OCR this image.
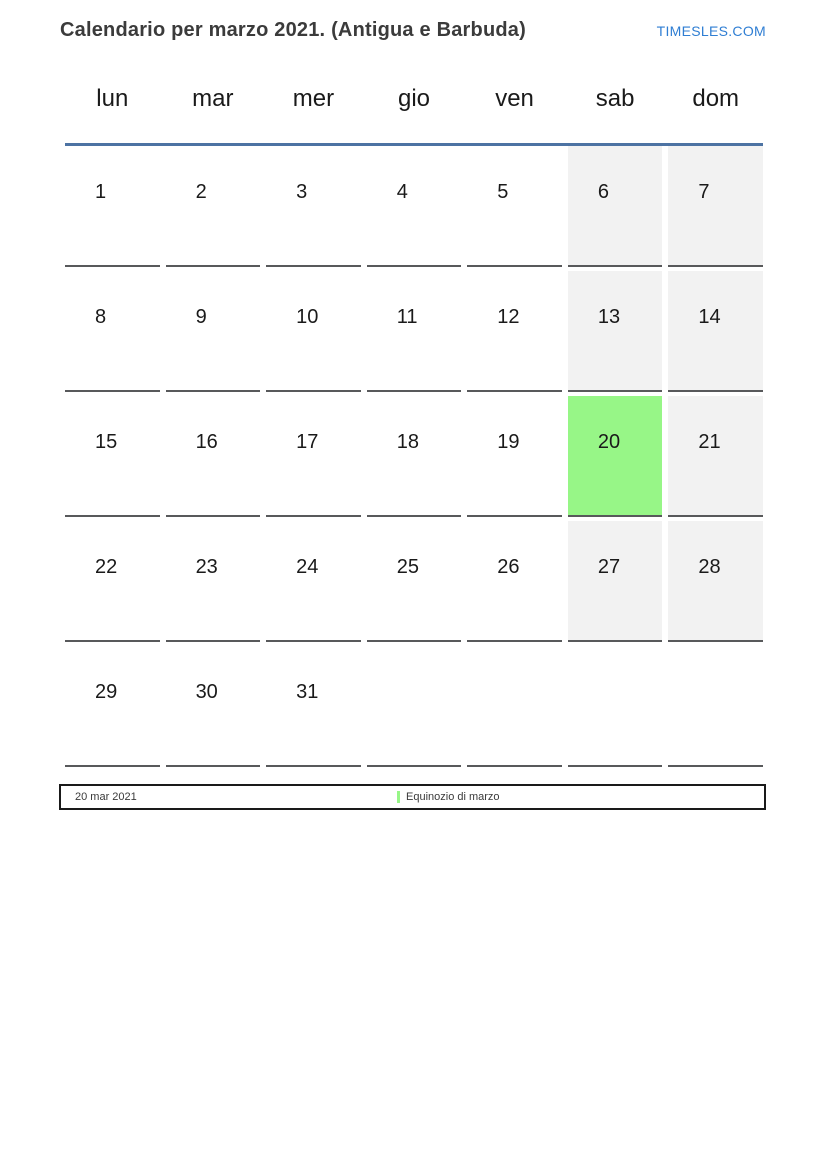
Calendario per marzo 2021. (Antigua e Barbuda)	TIMESLES.COM
lun	mar	mer	gio	ven	sab	dom
1	2	3	4	5	6	7
8	9	10	11	12	13	14
15	16	17	18	19	20	21
22	23	24	25	26	27	28
29	30	31
20 mar 2021	Equinozio di marzo
